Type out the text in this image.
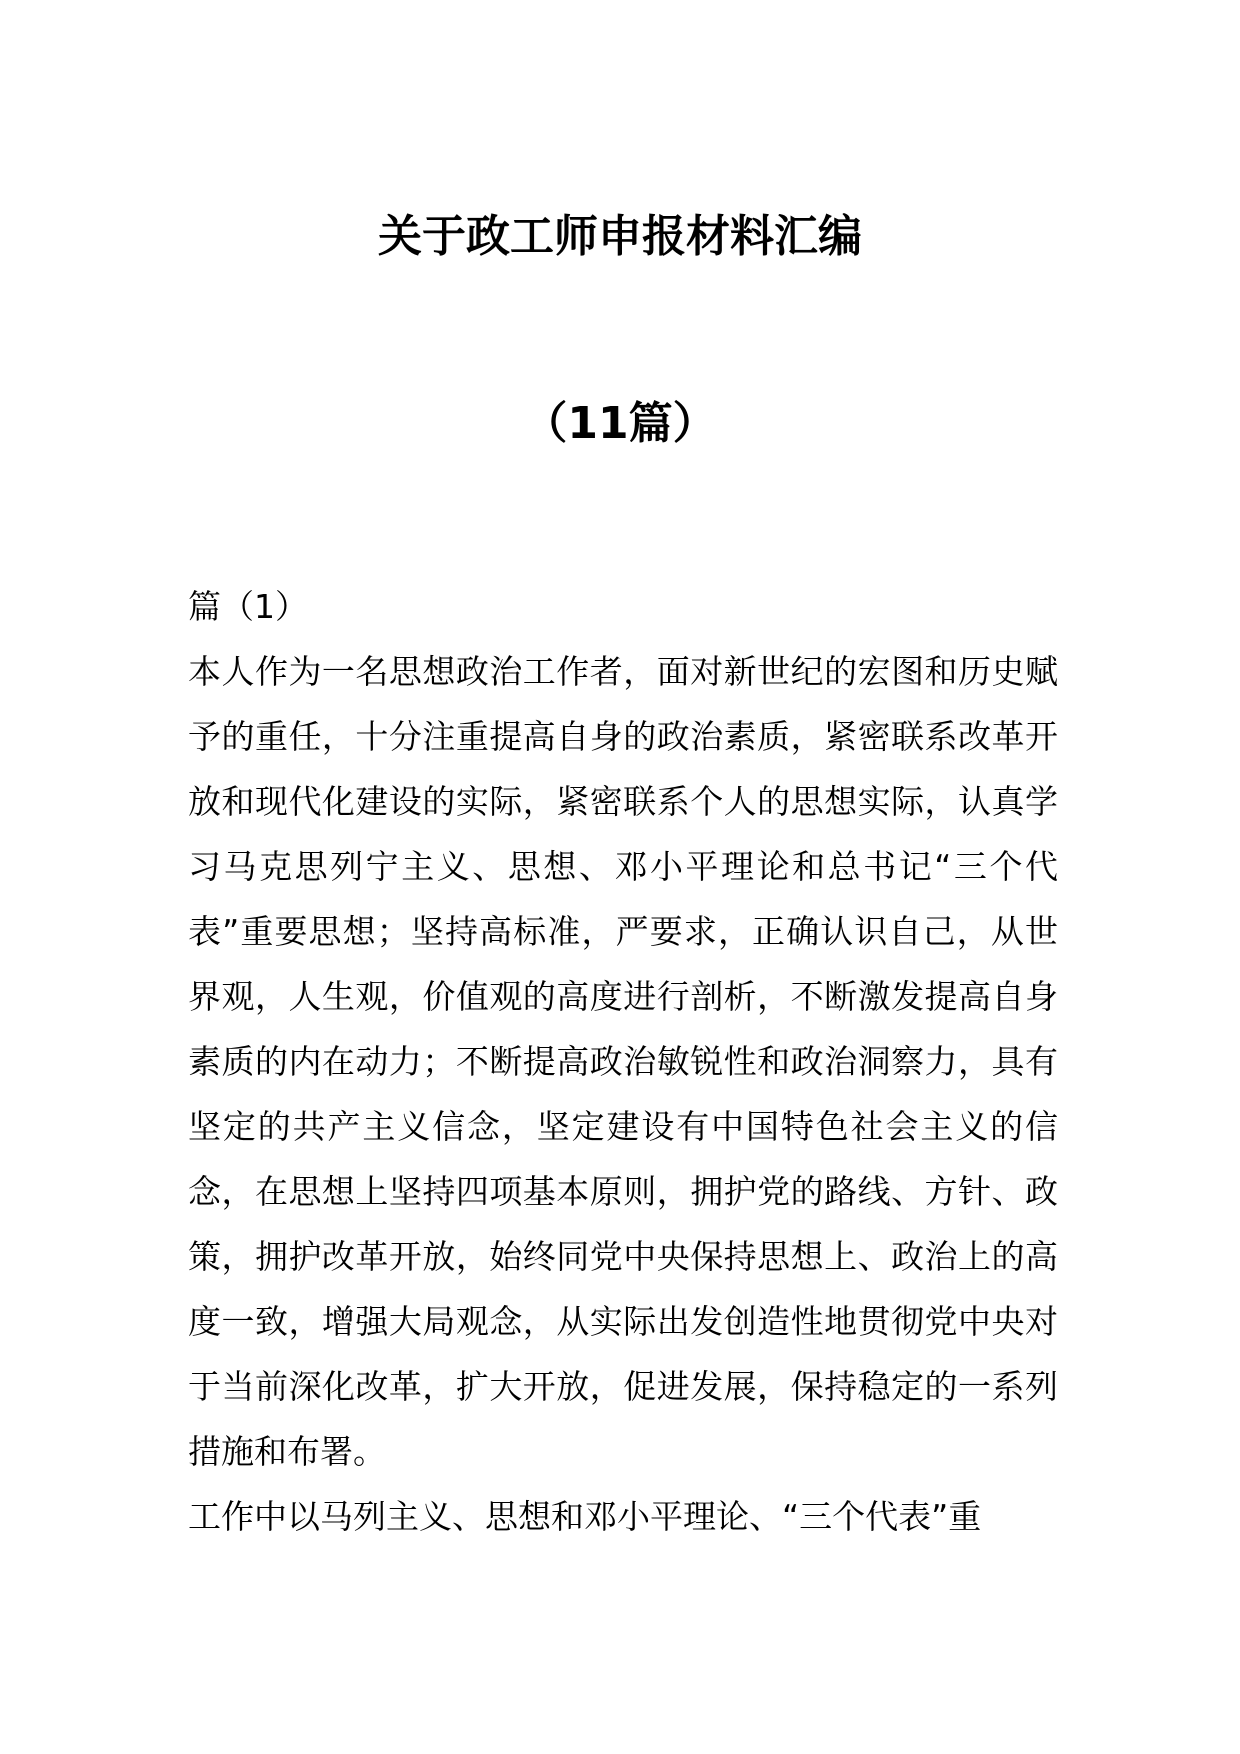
关于政工师申报材料汇编
（11篇）

篇（1）

本人作为一名思想政治工作者，面对新世纪的宏图和历史赋予的重任，十分注重提高自身的政治素质，紧密联系改革开放和现代化建设的实际，紧密联系个人的思想实际，认真学习马克思列宁主义、思想、邓小平理论和总书记“三个代表”重要思想；坚持高标准，严要求，正确认识自己，从世界观，人生观，价值观的高度进行剖析，不断激发提高自身素质的内在动力；不断提高政治敏锐性和政治洞察力，具有坚定的共产主义信念，坚定建设有中国特色社会主义的信念，在思想上坚持四项基本原则，拥护党的路线、方针、政策，拥护改革开放，始终同党中央保持思想上、政治上的高度一致，增强大局观念，从实际出发创造性地贯彻党中央对于当前深化改革，扩大开放，促进发展，保持稳定的一系列措施和布署。

工作中以马列主义、思想和邓小平理论、“三个代表”重
